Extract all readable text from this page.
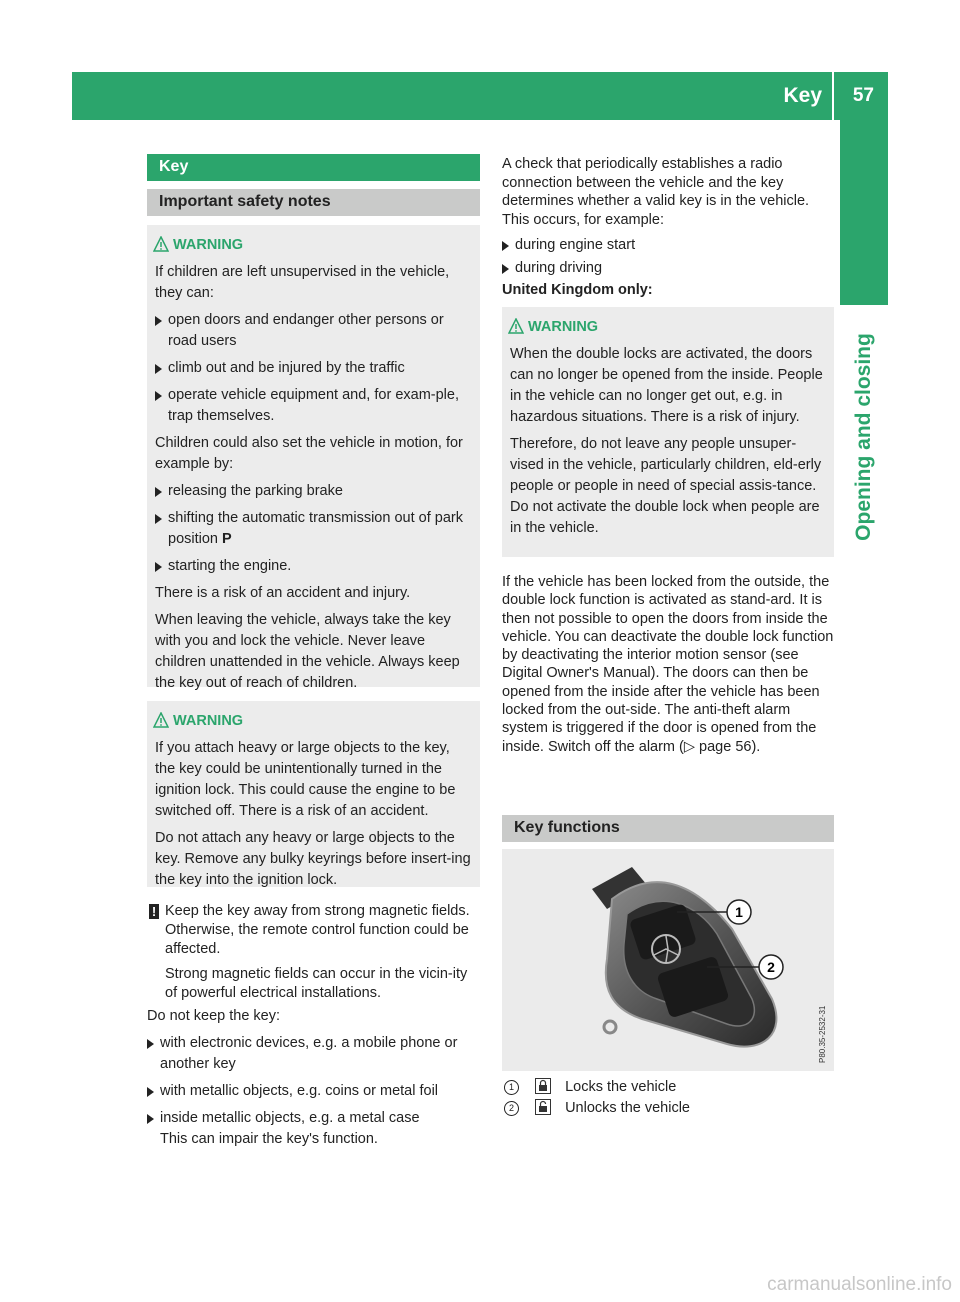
Key 57
Opening and closing
Key
Important safety notes
WARNING
If children are left unsupervised in the vehicle, they can:
open doors and endanger other persons or road users
climb out and be injured by the traffic
operate vehicle equipment and, for exam-ple, trap themselves.
Children could also set the vehicle in motion, for example by:
releasing the parking brake
shifting the automatic transmission out of park position P
starting the engine.
There is a risk of an accident and injury.
When leaving the vehicle, always take the key with you and lock the vehicle. Never leave children unattended in the vehicle. Always keep the key out of reach of children.
WARNING
If you attach heavy or large objects to the key, the key could be unintentionally turned in the ignition lock. This could cause the engine to be switched off. There is a risk of an accident.
Do not attach any heavy or large objects to the key. Remove any bulky keyrings before insert-ing the key into the ignition lock.
! Keep the key away from strong magnetic fields. Otherwise, the remote control function could be affected.
Strong magnetic fields can occur in the vicin-ity of powerful electrical installations.
Do not keep the key:
with electronic devices, e.g. a mobile phone or another key
with metallic objects, e.g. coins or metal foil
inside metallic objects, e.g. a metal case
This can impair the key's function.
A check that periodically establishes a radio connection between the vehicle and the key determines whether a valid key is in the vehicle. This occurs, for example:
during engine start
during driving
United Kingdom only:
WARNING
When the double locks are activated, the doors can no longer be opened from the inside. People in the vehicle can no longer get out, e.g. in hazardous situations. There is a risk of injury.
Therefore, do not leave any people unsuper-vised in the vehicle, particularly children, eld-erly people or people in need of special assis-tance. Do not activate the double lock when people are in the vehicle.
If the vehicle has been locked from the outside, the double lock function is activated as stand-ard. It is then not possible to open the doors from inside the vehicle. You can deactivate the double lock function by deactivating the interior motion sensor (see Digital Owner's Manual). The doors can then be opened from the inside after the vehicle has been locked from the out-side. The anti-theft alarm system is triggered if the door is opened from the inside. Switch off the alarm (▷ page 56).
Key functions
1
2
P80.35-2532-31
1	Locks the vehicle
2	Unlocks the vehicle
carmanualsonline.info
